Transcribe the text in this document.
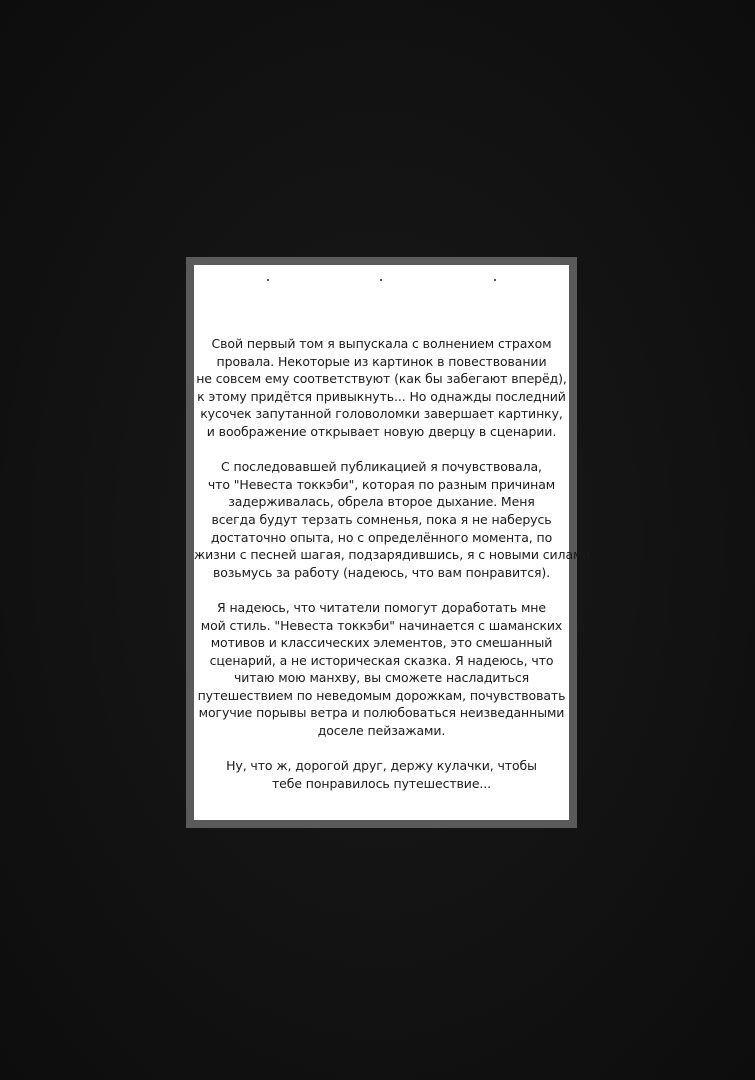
Свой первый том я выпускала с волнением страхом
провала. Некоторые из картинок в повествовании
не совсем ему соответствуют (как бы забегают вперёд),
к этому придётся привыкнуть... Но однажды последний
кусочек запутанной головоломки завершает картинку,
и воображение открывает новую дверцу в сценарии.

С последовавшей публикацией я почувствовала,
что "Невеста токкэби", которая по разным причинам
задерживалась, обрела второе дыхание. Меня
всегда будут терзать сомненья, пока я не наберусь
достаточно опыта, но с определённого момента, по
жизни с песней шагая, подзарядившись, я с новыми силами
возьмусь за работу (надеюсь, что вам понравится).

Я надеюсь, что читатели помогут доработать мне
мой стиль. "Невеста токкэби" начинается с шаманских
мотивов и классических элементов, это смешанный
сценарий, а не историческая сказка. Я надеюсь, что
читаю мою манхву, вы сможете насладиться
путешествием по неведомым дорожкам, почувствовать
могучие порывы ветра и полюбоваться неизведанными
доселе пейзажами.

Ну, что ж, дорогой друг, держу кулачки, чтобы
тебе понравилось путешествие...
